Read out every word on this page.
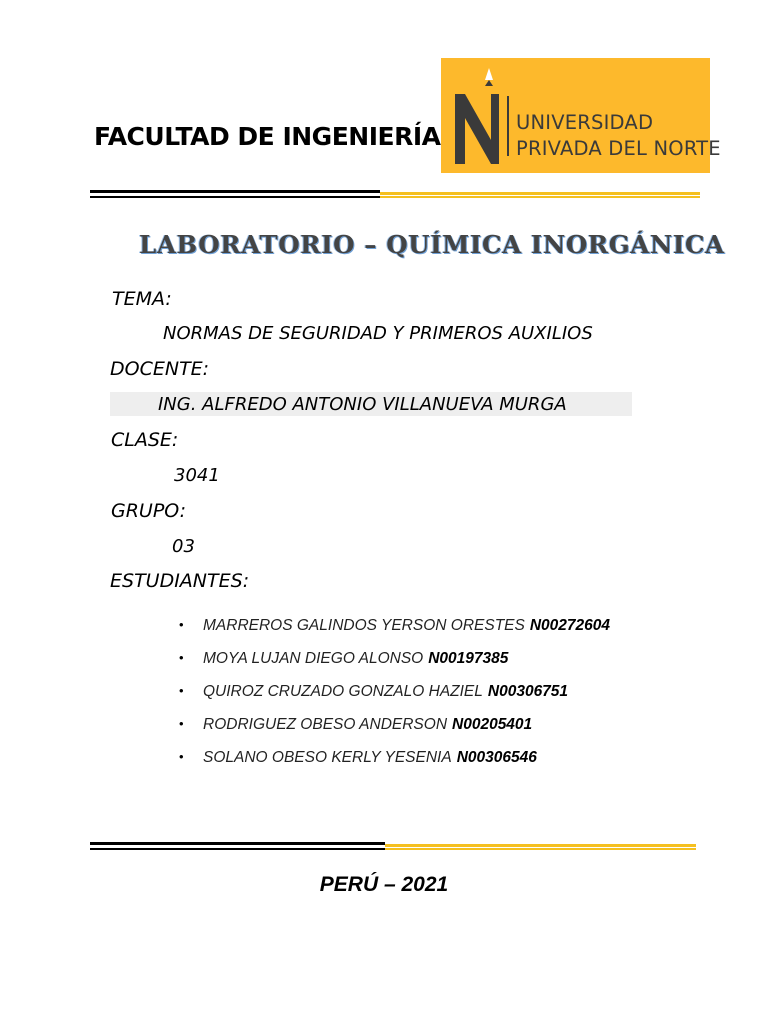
FACULTAD DE INGENIERÍA	UNIVERSIDAD
PRIVADA DEL NORTE
LABORATORIO – QUÍMICA INORGÁNICA
TEMA:
NORMAS DE SEGURIDAD Y PRIMEROS AUXILIOS
DOCENTE:
ING. ALFREDO ANTONIO VILLANUEVA MURGA
CLASE:
3041
GRUPO:
03
ESTUDIANTES:
• MARREROS GALINDOS YERSON ORESTES N00272604
• MOYA LUJAN DIEGO ALONSO N00197385
• QUIROZ CRUZADO GONZALO HAZIEL N00306751
• RODRIGUEZ OBESO ANDERSON N00205401
• SOLANO OBESO KERLY YESENIA N00306546
PERÚ – 2021
